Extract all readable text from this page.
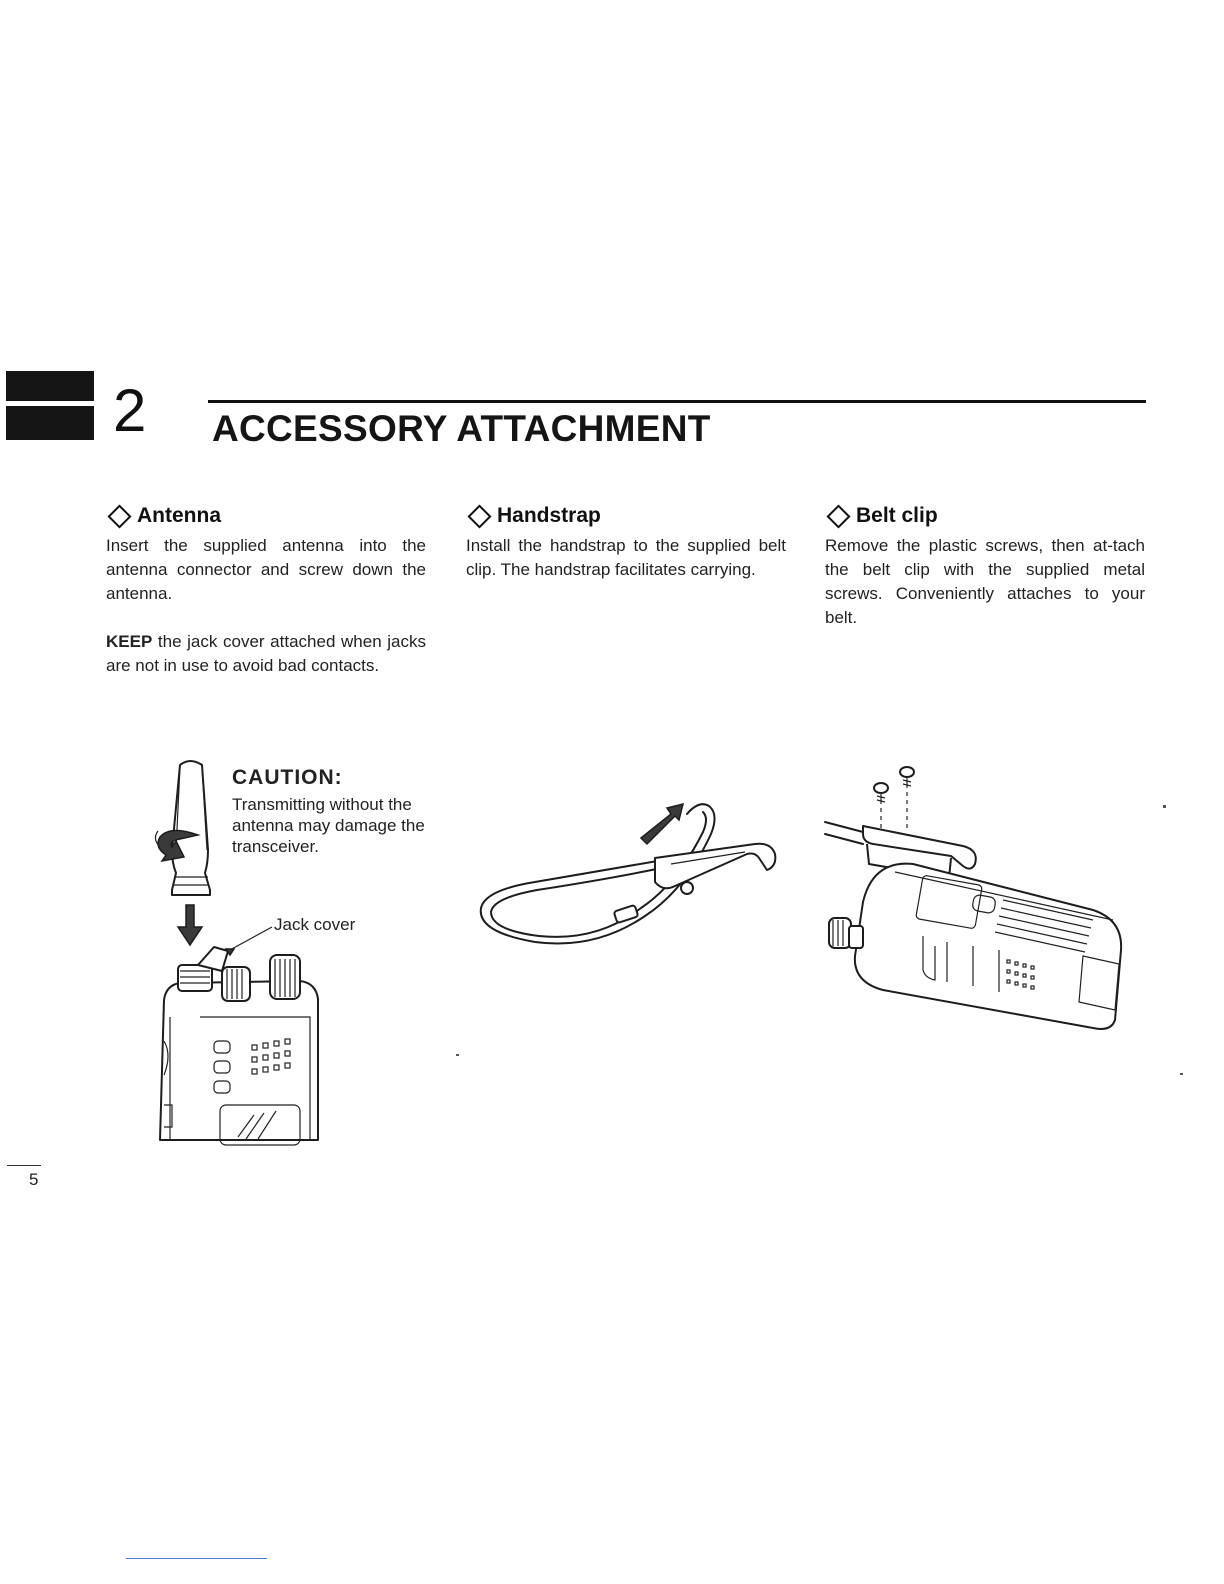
2 ACCESSORY ATTACHMENT
Antenna

Insert the supplied antenna into the antenna connector and screw down the antenna.

KEEP the jack cover attached when jacks are not in use to avoid bad contacts.

Handstrap

Install the handstrap to the supplied belt clip. The handstrap facilitates carrying.

Belt clip

Remove the plastic screws, then at-tach the belt clip with the supplied metal screws. Conveniently attaches to your belt.

CAUTION:
Transmitting without the antenna may damage the transceiver.
Jack cover
5
